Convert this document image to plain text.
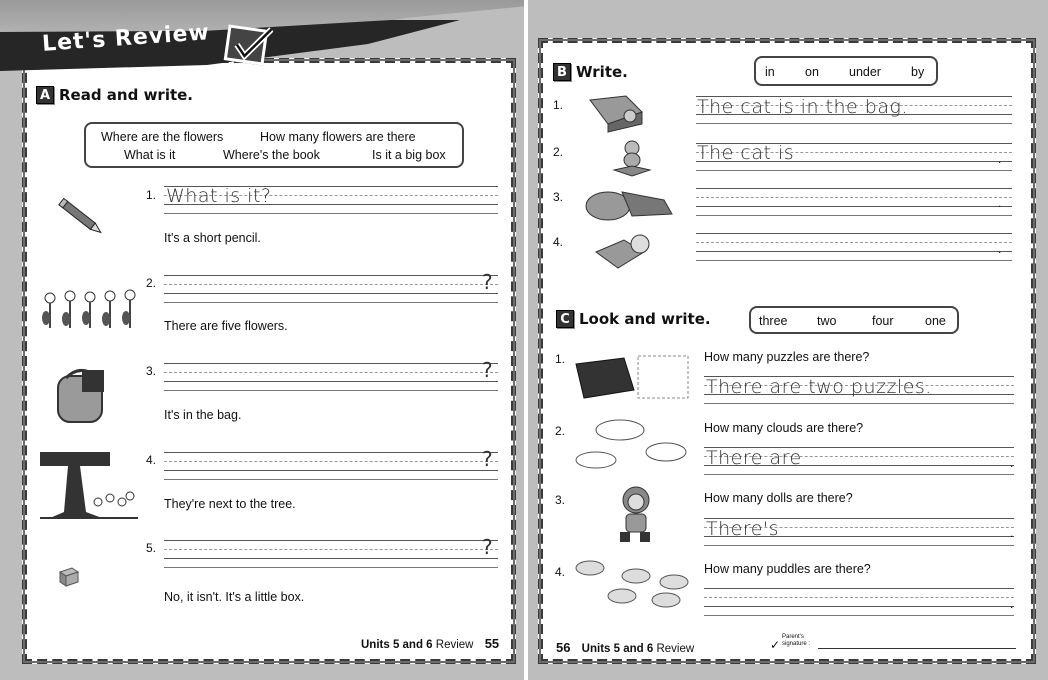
Let's Review
A Read and write.
Where are the flowers	How many flowers are there
What is it	Where's the book	Is it a big box
1. What is it?
It's a short pencil.
2.	?
There are five flowers.
3.	?
It's in the bag.
4.	?
They're next to the tree.
5.	?
No, it isn't. It's a little box.
Units 5 and 6 Review 55
B Write.	in on under by
1.	The cat is in the bag.
2.	The cat is	.
3.	.
4.	.
C Look and write.	three two	four	one
1.	How many puzzles are there?
There are two puzzles.
2.	How many clouds are there?
There are	.
3.	How many dolls are there?
There's	.
4.	How many puddles are there?
.
56 Units 5 and 6 Review	✓
Parent's signature :
